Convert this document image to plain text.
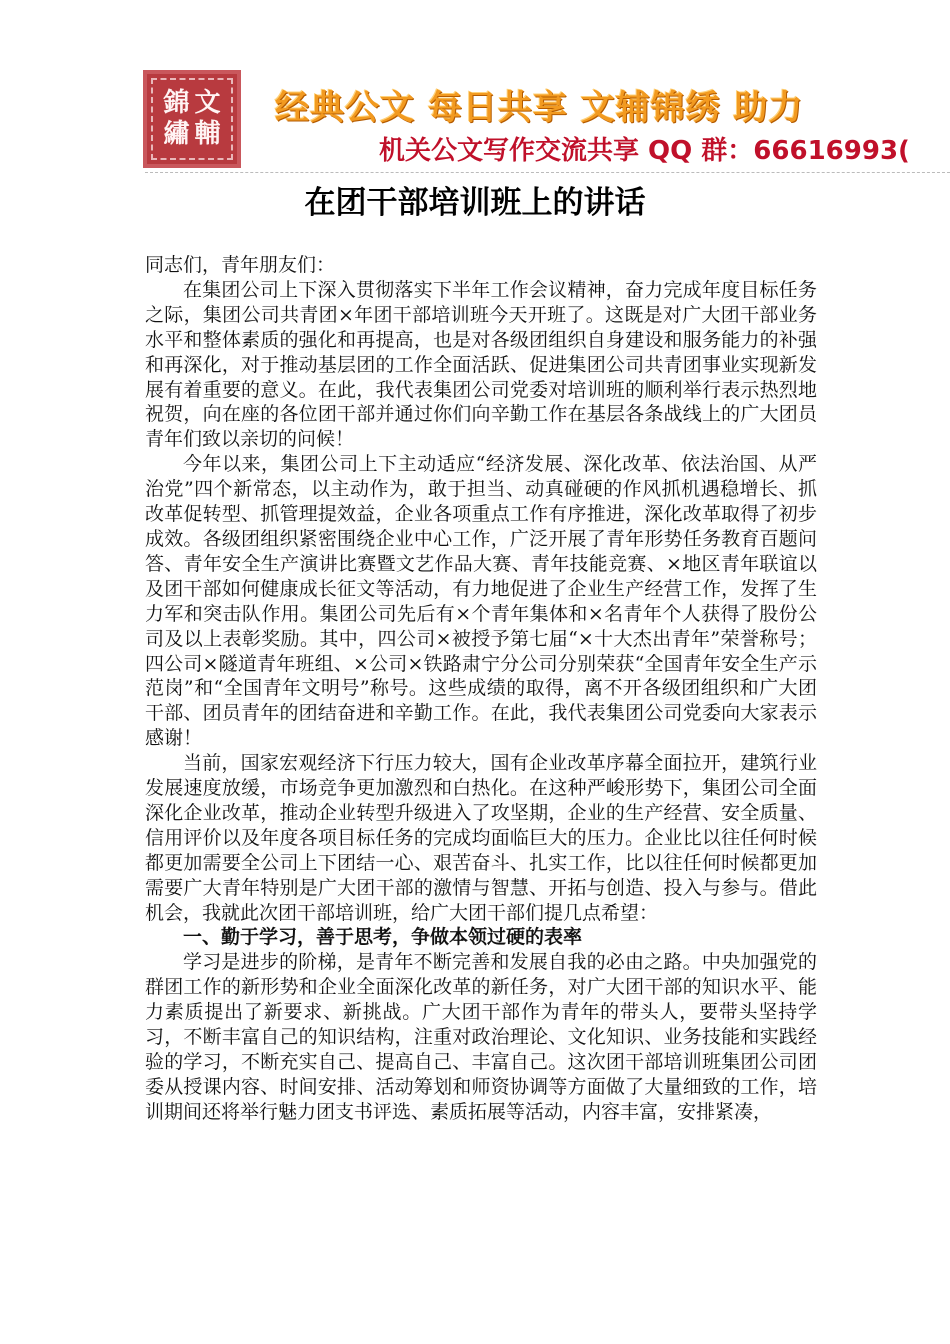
錦 文
繡 輔
经典公文 每日共享 文辅锦绣 助力
机关公文写作交流共享 QQ 群：66616993(
在团干部培训班上的讲话

同志们，青年朋友们：

在集团公司上下深入贯彻落实下半年工作会议精神，奋力完成年度目标任务之际，集团公司共青团×年团干部培训班今天开班了。这既是对广大团干部业务水平和整体素质的强化和再提高，也是对各级团组织自身建设和服务能力的补强和再深化，对于推动基层团的工作全面活跃、促进集团公司共青团事业实现新发展有着重要的意义。在此，我代表集团公司党委对培训班的顺利举行表示热烈地祝贺，向在座的各位团干部并通过你们向辛勤工作在基层各条战线上的广大团员青年们致以亲切的问候！

今年以来，集团公司上下主动适应“经济发展、深化改革、依法治国、从严治党”四个新常态，以主动作为，敢于担当、动真碰硬的作风抓机遇稳增长、抓改革促转型、抓管理提效益，企业各项重点工作有序推进，深化改革取得了初步成效。各级团组织紧密围绕企业中心工作，广泛开展了青年形势任务教育百题问答、青年安全生产演讲比赛暨文艺作品大赛、青年技能竞赛、×地区青年联谊以及团干部如何健康成长征文等活动，有力地促进了企业生产经营工作，发挥了生力军和突击队作用。集团公司先后有×个青年集体和×名青年个人获得了股份公司及以上表彰奖励。其中，四公司×被授予第七届“×十大杰出青年”荣誉称号；四公司×隧道青年班组、×公司×铁路肃宁分公司分别荣获“全国青年安全生产示范岗”和“全国青年文明号”称号。这些成绩的取得，离不开各级团组织和广大团干部、团员青年的团结奋进和辛勤工作。在此，我代表集团公司党委向大家表示感谢！

当前，国家宏观经济下行压力较大，国有企业改革序幕全面拉开，建筑行业发展速度放缓，市场竞争更加激烈和白热化。在这种严峻形势下，集团公司全面深化企业改革，推动企业转型升级进入了攻坚期，企业的生产经营、安全质量、信用评价以及年度各项目标任务的完成均面临巨大的压力。企业比以往任何时候都更加需要全公司上下团结一心、艰苦奋斗、扎实工作，比以往任何时候都更加需要广大青年特别是广大团干部的激情与智慧、开拓与创造、投入与参与。借此机会，我就此次团干部培训班，给广大团干部们提几点希望：

一、勤于学习，善于思考，争做本领过硬的表率

学习是进步的阶梯，是青年不断完善和发展自我的必由之路。中央加强党的群团工作的新形势和企业全面深化改革的新任务，对广大团干部的知识水平、能力素质提出了新要求、新挑战。广大团干部作为青年的带头人，要带头坚持学习，不断丰富自己的知识结构，注重对政治理论、文化知识、业务技能和实践经验的学习，不断充实自己、提高自己、丰富自己。这次团干部培训班集团公司团委从授课内容、时间安排、活动筹划和师资协调等方面做了大量细致的工作，培训期间还将举行魅力团支书评选、素质拓展等活动，内容丰富，安排紧凑，
